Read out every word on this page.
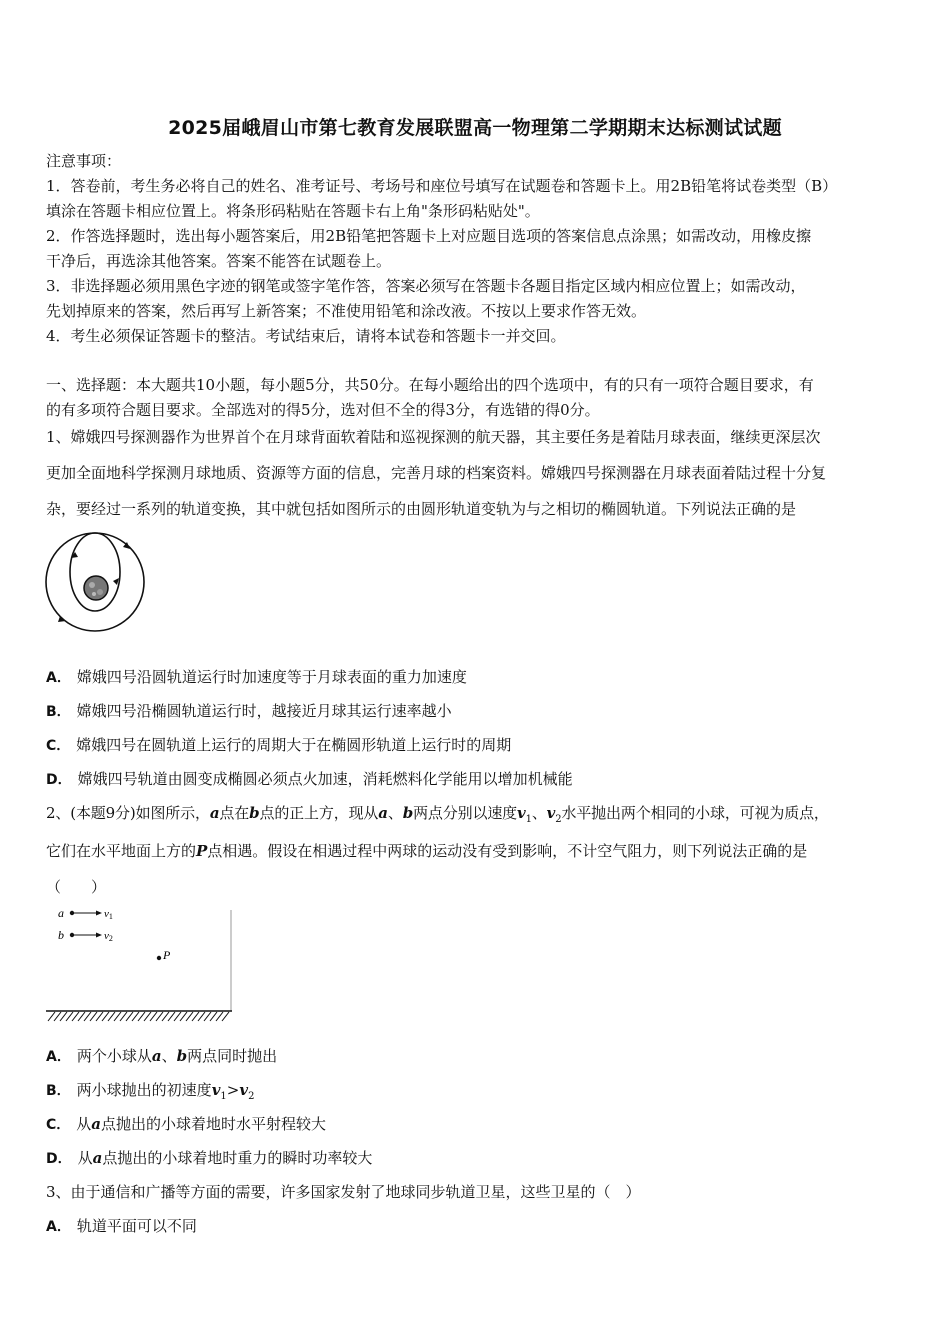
2025届峨眉山市第七教育发展联盟高一物理第二学期期末达标测试试题
注意事项：
1．答卷前，考生务必将自己的姓名、准考证号、考场号和座位号填写在试题卷和答题卡上。用2B铅笔将试卷类型（B）
填涂在答题卡相应位置上。将条形码粘贴在答题卡右上角"条形码粘贴处"。
2．作答选择题时，选出每小题答案后，用2B铅笔把答题卡上对应题目选项的答案信息点涂黑；如需改动，用橡皮擦
干净后，再选涂其他答案。答案不能答在试题卷上。
3．非选择题必须用黑色字迹的钢笔或签字笔作答，答案必须写在答题卡各题目指定区域内相应位置上；如需改动，
先划掉原来的答案，然后再写上新答案；不准使用铅笔和涂改液。不按以上要求作答无效。
4．考生必须保证答题卡的整洁。考试结束后，请将本试卷和答题卡一并交回。
一、选择题：本大题共10小题，每小题5分，共50分。在每小题给出的四个选项中，有的只有一项符合题目要求，有
的有多项符合题目要求。全部选对的得5分，选对但不全的得3分，有选错的得0分。
1、嫦娥四号探测器作为世界首个在月球背面软着陆和巡视探测的航天器，其主要任务是着陆月球表面，继续更深层次
更加全面地科学探测月球地质、资源等方面的信息，完善月球的档案资料。嫦娥四号探测器在月球表面着陆过程十分复
杂，要经过一系列的轨道变换，其中就包括如图所示的由圆形轨道变轨为与之相切的椭圆轨道。下列说法正确的是
A． 嫦娥四号沿圆轨道运行时加速度等于月球表面的重力加速度
B． 嫦娥四号沿椭圆轨道运行时，越接近月球其运行速率越小
C． 嫦娥四号在圆轨道上运行的周期大于在椭圆形轨道上运行时的周期
D． 嫦娥四号轨道由圆变成椭圆必须点火加速，消耗燃料化学能用以增加机械能
2、(本题9分)如图所示，a点在b点的正上方，现从a、b两点分别以速度$v_1$、$v_2$水平抛出两个相同的小球，可视为质点，
它们在水平地面上方的P点相遇。假设在相遇过程中两球的运动没有受到影响，不计空气阻力，则下列说法正确的是
（　　）
a	v1
b	v2
P
A． 两个小球从a、b两点同时抛出
B． 两小球抛出的初速度$v_1>v_2$
C． 从a点抛出的小球着地时水平射程较大
D． 从a点抛出的小球着地时重力的瞬时功率较大
3、由于通信和广播等方面的需要，许多国家发射了地球同步轨道卫星，这些卫星的（　）
A． 轨道平面可以不同
